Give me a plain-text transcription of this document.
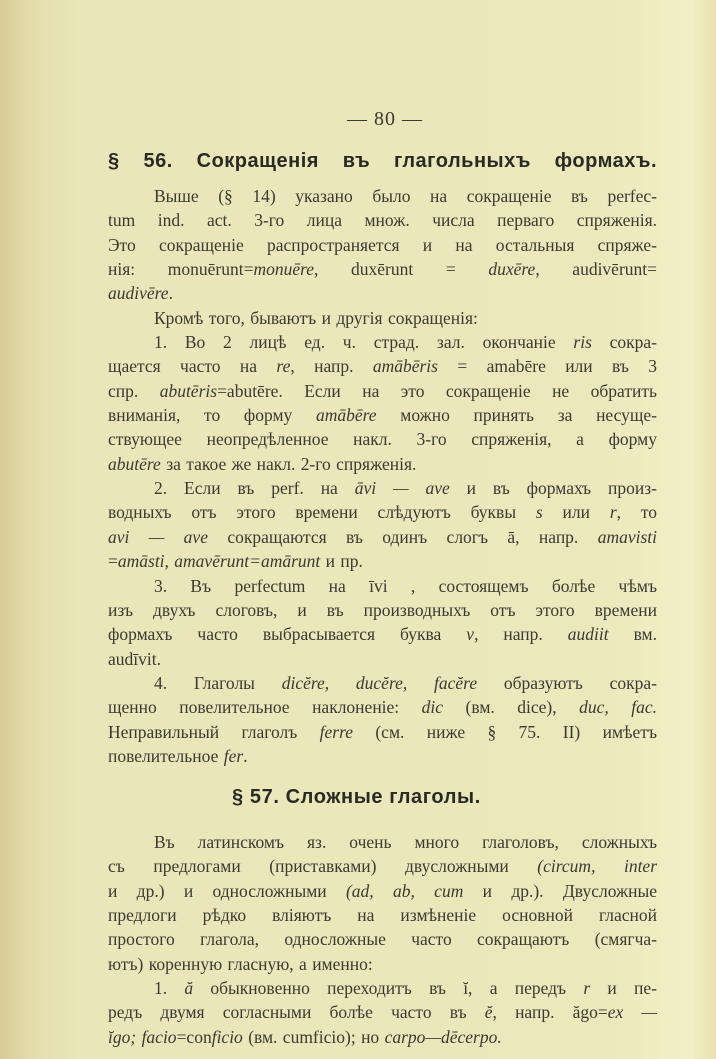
— 80 —
§ 56. Сокращенія въ глагольныхъ формахъ.
Выше (§ 14) указано было на сокращеніе въ perfec-
tum ind. act. 3-го лица множ. числа перваго спряженія.
Это сокращеніе распространяется и на остальныя спряже-
нія: monuērunt=monuēre, duxērunt = duxēre, audivērunt=
audivēre.
Кромѣ того, бываютъ и другія сокращенія:
1. Во 2 лицѣ ед. ч. страд. зал. окончаніе ris сокра-
щается часто на re, напр. amābēris = amabēre или въ 3
спр. abutēris=abutēre. Если на это сокращеніе не обратить
вниманія, то форму amābēre можно принять за несуще-
ствующее неопредѣленное накл. 3-го спряженія, а форму
abutēre за такое же накл. 2-го спряженія.
2. Если въ perf. на āvi — ave и въ формахъ произ-
водныхъ отъ этого времени слѣдуютъ буквы s или r, то
avi — ave сокращаются въ одинъ слогъ ā, напр. amavisti
=amāsti, amavērunt=amārunt и пр.
3. Въ perfectum на īvi , состоящемъ болѣе чѣмъ
изъ двухъ слоговъ, и въ производныхъ отъ этого времени
формахъ часто выбрасывается буква v, напр. audiit вм.
audīvit.
4. Глаголы dicĕre, ducĕre, facĕre образуютъ сокра-
щенно повелительное наклоненіе: dic (вм. dice), duc, fac.
Неправильный глаголъ ferre (см. ниже § 75. II) имѣетъ
повелительное fer.
§ 57. Сложные глаголы.
Въ латинскомъ яз. очень много глаголовъ, сложныхъ
съ предлогами (приставками) двусложными (circum, inter
и др.) и односложными (ad, ab, cum и др.). Двусложные
предлоги рѣдко вліяютъ на измѣненіе основной гласной
простого глагола, односложные часто сокращаютъ (смягча-
ютъ) коренную гласную, а именно:
1. ă обыкновенно переходитъ въ ĭ, а передъ r и пе-
редъ двумя согласными болѣе часто въ ĕ, напр. ăgo=ex —
ĭgo; facio=conficio (вм. cumficio); но carpo—dēcerpo.
